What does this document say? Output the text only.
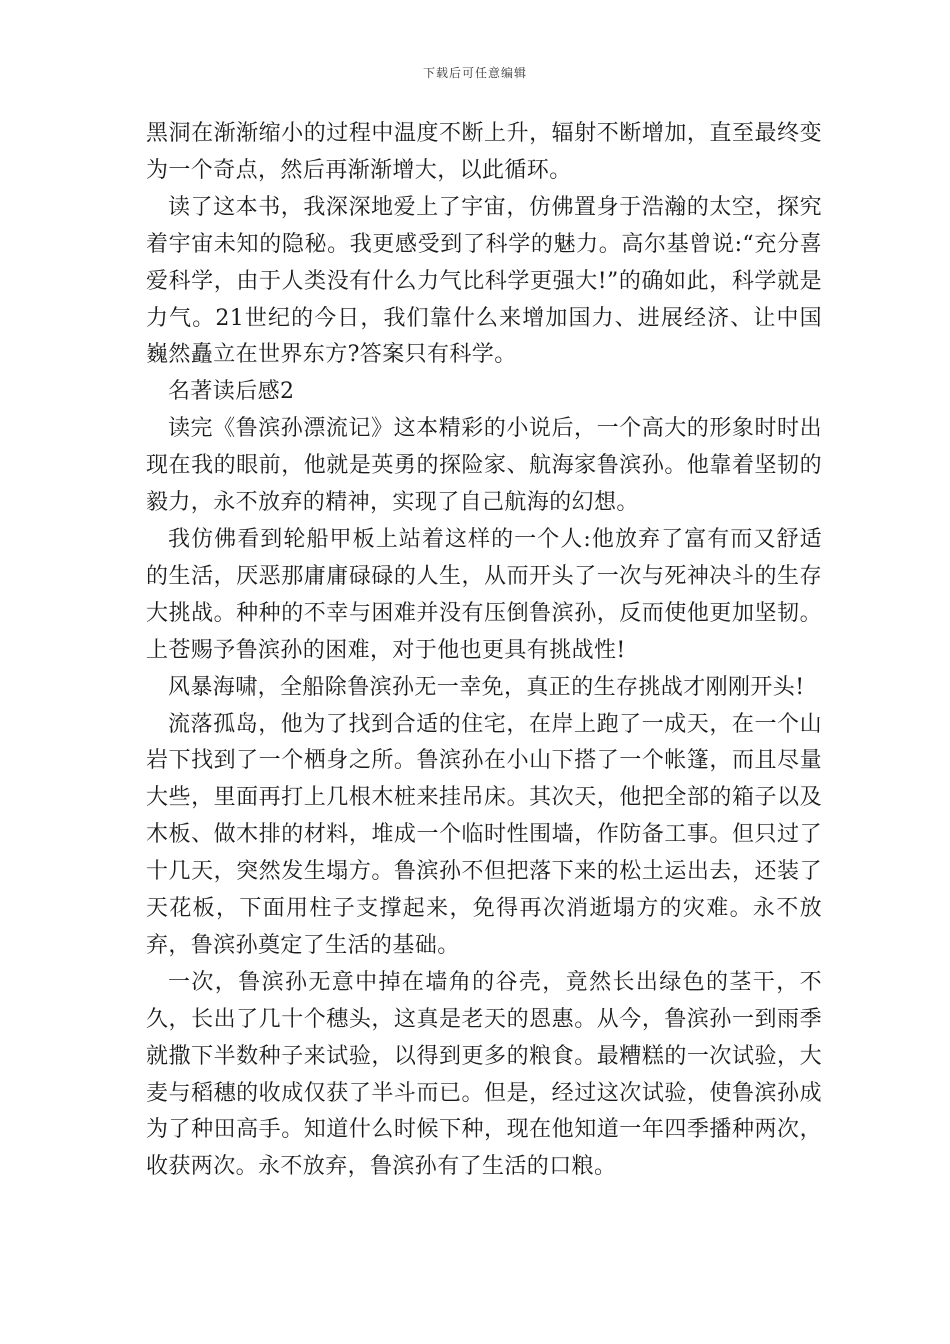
下载后可任意编辑

黑洞在渐渐缩小的过程中温度不断上升，辐射不断增加，直至最终变为一个奇点，然后再渐渐增大，以此循环。

读了这本书，我深深地爱上了宇宙，仿佛置身于浩瀚的太空，探究着宇宙未知的隐秘。我更感受到了科学的魅力。高尔基曾说:“充分喜爱科学，由于人类没有什么力气比科学更强大!”的确如此，科学就是力气。21世纪的今日，我们靠什么来增加国力、进展经济、让中国巍然矗立在世界东方?答案只有科学。

名著读后感2

读完《鲁滨孙漂流记》这本精彩的小说后，一个高大的形象时时出现在我的眼前，他就是英勇的探险家、航海家鲁滨孙。他靠着坚韧的毅力，永不放弃的精神，实现了自己航海的幻想。

我仿佛看到轮船甲板上站着这样的一个人:他放弃了富有而又舒适的生活，厌恶那庸庸碌碌的人生，从而开头了一次与死神决斗的生存大挑战。种种的不幸与困难并没有压倒鲁滨孙，反而使他更加坚韧。上苍赐予鲁滨孙的困难，对于他也更具有挑战性!

风暴海啸，全船除鲁滨孙无一幸免，真正的生存挑战才刚刚开头!

流落孤岛，他为了找到合适的住宅，在岸上跑了一成天，在一个山岩下找到了一个栖身之所。鲁滨孙在小山下搭了一个帐篷，而且尽量大些，里面再打上几根木桩来挂吊床。其次天，他把全部的箱子以及木板、做木排的材料，堆成一个临时性围墙，作防备工事。但只过了十几天，突然发生塌方。鲁滨孙不但把落下来的松土运出去，还装了天花板，下面用柱子支撑起来，免得再次消逝塌方的灾难。永不放弃，鲁滨孙奠定了生活的基础。

一次，鲁滨孙无意中掉在墙角的谷壳，竟然长出绿色的茎干，不久，长出了几十个穗头，这真是老天的恩惠。从今，鲁滨孙一到雨季就撒下半数种子来试验，以得到更多的粮食。最糟糕的一次试验，大麦与稻穗的收成仅获了半斗而已。但是，经过这次试验，使鲁滨孙成为了种田高手。知道什么时候下种，现在他知道一年四季播种两次，收获两次。永不放弃，鲁滨孙有了生活的口粮。
